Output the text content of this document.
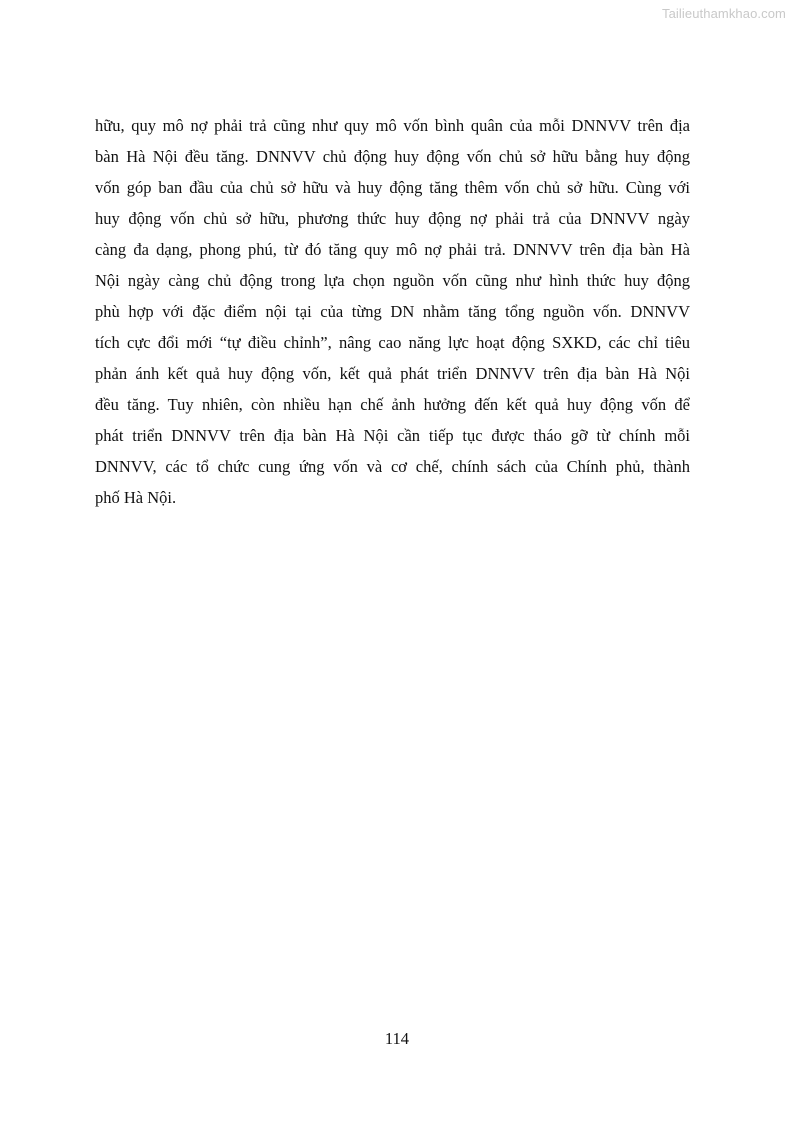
Tailieuthamkhao.com
hữu, quy mô nợ phải trả cũng như quy mô vốn bình quân của mỗi DNNVV trên địa
bàn Hà Nội đều tăng. DNNVV chủ động huy động vốn chủ sở hữu bằng huy động
vốn góp ban đầu của chủ sở hữu và huy động tăng thêm vốn chủ sở hữu. Cùng với
huy động vốn chủ sở hữu, phương thức huy động nợ phải trả của DNNVV ngày
càng đa dạng, phong phú, từ đó tăng quy mô nợ phải trả. DNNVV trên địa bàn Hà
Nội ngày càng chủ động trong lựa chọn nguồn vốn cũng như hình thức huy động
phù hợp với đặc điểm nội tại của từng DN nhằm tăng tổng nguồn vốn. DNNVV
tích cực đổi mới “tự điều chỉnh”, nâng cao năng lực hoạt động SXKD, các chỉ tiêu
phản ánh kết quả huy động vốn, kết quả phát triển DNNVV trên địa bàn Hà Nội
đều tăng. Tuy nhiên, còn nhiều hạn chế ảnh hưởng đến kết quả huy động vốn để
phát triển DNNVV trên địa bàn Hà Nội cần tiếp tục được tháo gỡ từ chính mỗi
DNNVV, các tổ chức cung ứng vốn và cơ chế, chính sách của Chính phủ, thành
phố Hà Nội.
114
